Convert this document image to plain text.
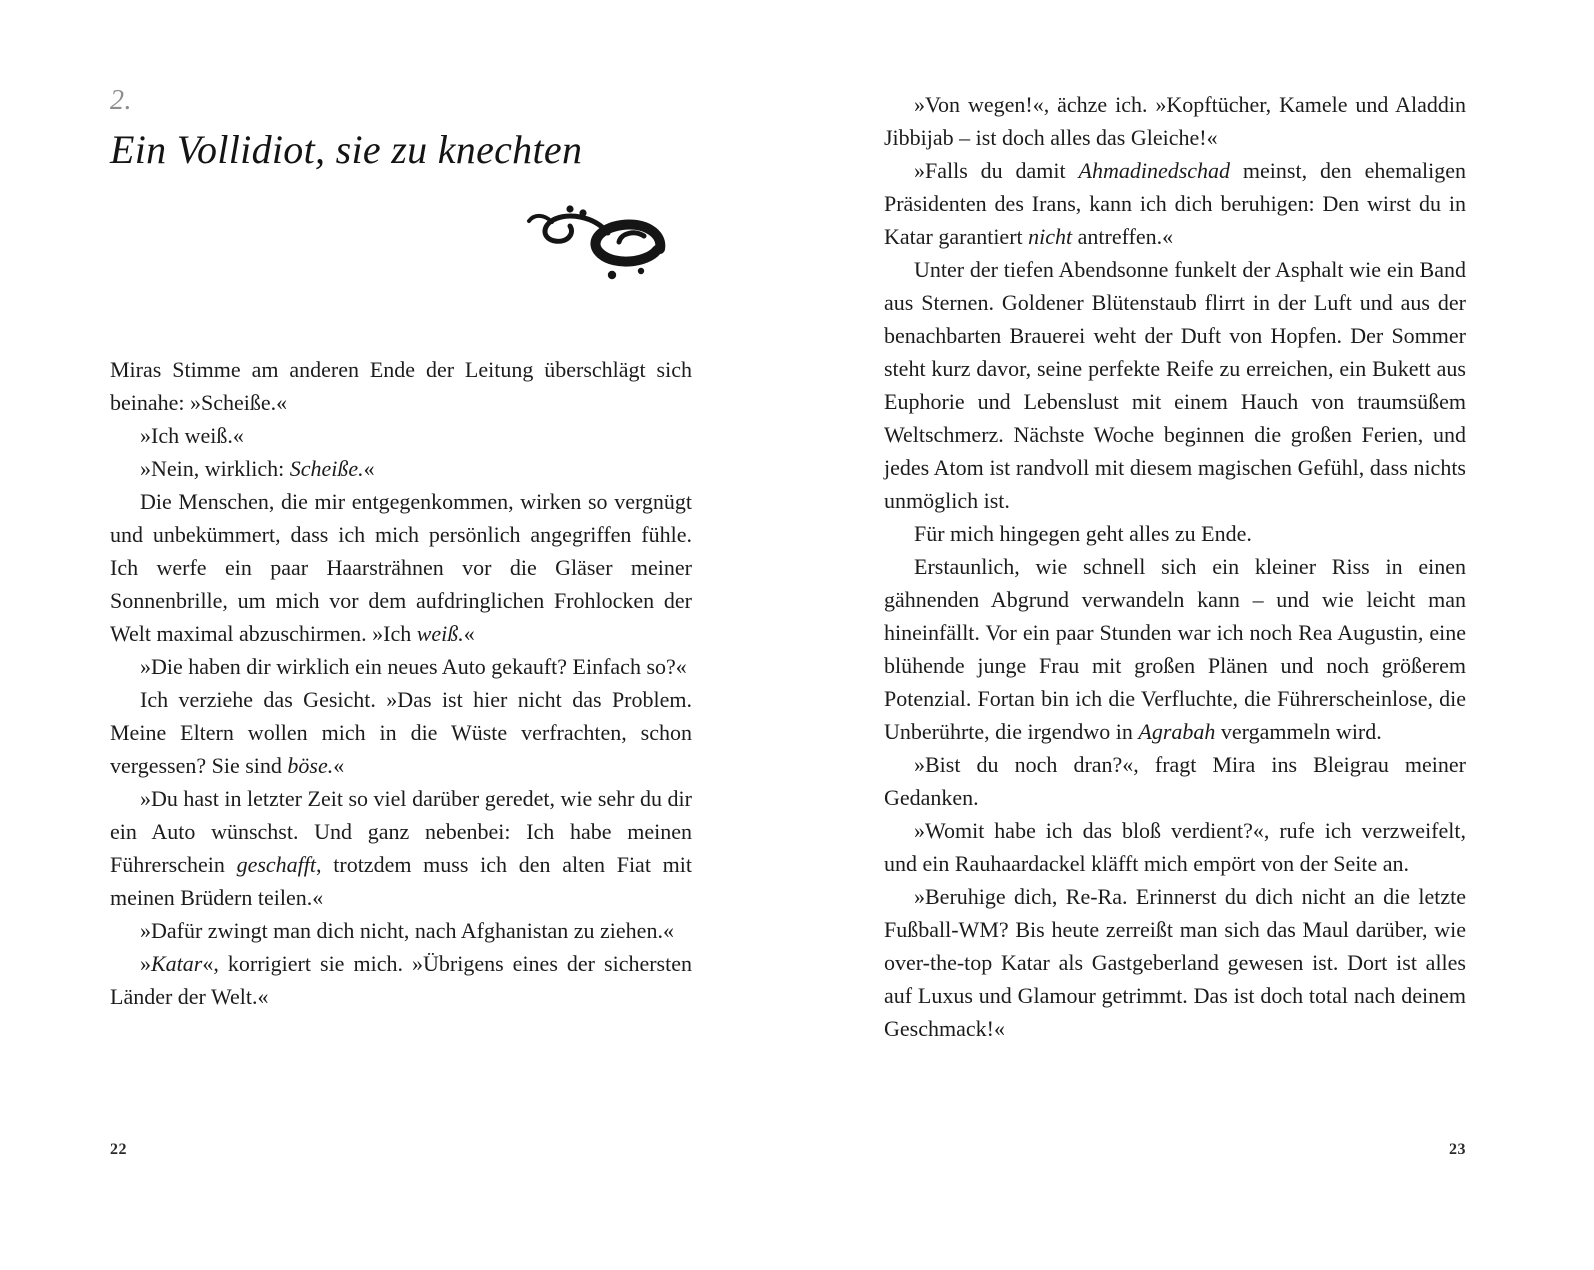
2.
Ein Vollidiot, sie zu knechten

Miras Stimme am anderen Ende der Leitung überschlägt sich beinahe: »Scheiße.«

»Ich weiß.«

»Nein, wirklich: Scheiße.«

Die Menschen, die mir entgegenkommen, wirken so vergnügt und unbekümmert, dass ich mich persönlich angegriffen fühle. Ich werfe ein paar Haarsträhnen vor die Gläser meiner Sonnenbrille, um mich vor dem aufdringlichen Frohlocken der Welt maximal abzuschirmen. »Ich weiß.«

»Die haben dir wirklich ein neues Auto gekauft? Einfach so?«

Ich verziehe das Gesicht. »Das ist hier nicht das Problem. Meine Eltern wollen mich in die Wüste verfrachten, schon vergessen? Sie sind böse.«

»Du hast in letzter Zeit so viel darüber geredet, wie sehr du dir ein Auto wünschst. Und ganz nebenbei: Ich habe meinen Führerschein geschafft, trotzdem muss ich den alten Fiat mit meinen Brüdern teilen.«

»Dafür zwingt man dich nicht, nach Afghanistan zu ziehen.«

»Katar«, korrigiert sie mich. »Übrigens eines der sichersten Länder der Welt.«

»Von wegen!«, ächze ich. »Kopftücher, Kamele und Aladdin Jibbijab – ist doch alles das Gleiche!«

»Falls du damit Ahmadinedschad meinst, den ehemaligen Präsidenten des Irans, kann ich dich beruhigen: Den wirst du in Katar garantiert nicht antreffen.«

Unter der tiefen Abendsonne funkelt der Asphalt wie ein Band aus Sternen. Goldener Blütenstaub flirrt in der Luft und aus der benachbarten Brauerei weht der Duft von Hopfen. Der Sommer steht kurz davor, seine perfekte Reife zu erreichen, ein Bukett aus Euphorie und Lebenslust mit einem Hauch von traumsüßem Weltschmerz. Nächste Woche beginnen die großen Ferien, und jedes Atom ist randvoll mit diesem magischen Gefühl, dass nichts unmöglich ist.

Für mich hingegen geht alles zu Ende.

Erstaunlich, wie schnell sich ein kleiner Riss in einen gähnenden Abgrund verwandeln kann – und wie leicht man hineinfällt. Vor ein paar Stunden war ich noch Rea Augustin, eine blühende junge Frau mit großen Plänen und noch größerem Potenzial. Fortan bin ich die Verfluchte, die Führerscheinlose, die Unberührte, die irgendwo in Agrabah vergammeln wird.

»Bist du noch dran?«, fragt Mira ins Bleigrau meiner Gedanken.

»Womit habe ich das bloß verdient?«, rufe ich verzweifelt, und ein Rauhaardackel kläfft mich empört von der Seite an.

»Beruhige dich, Re-Ra. Erinnerst du dich nicht an die letzte Fußball-WM? Bis heute zerreißt man sich das Maul darüber, wie over-the-top Katar als Gastgeberland gewesen ist. Dort ist alles auf Luxus und Glamour getrimmt. Das ist doch total nach deinem Geschmack!«

22	23
